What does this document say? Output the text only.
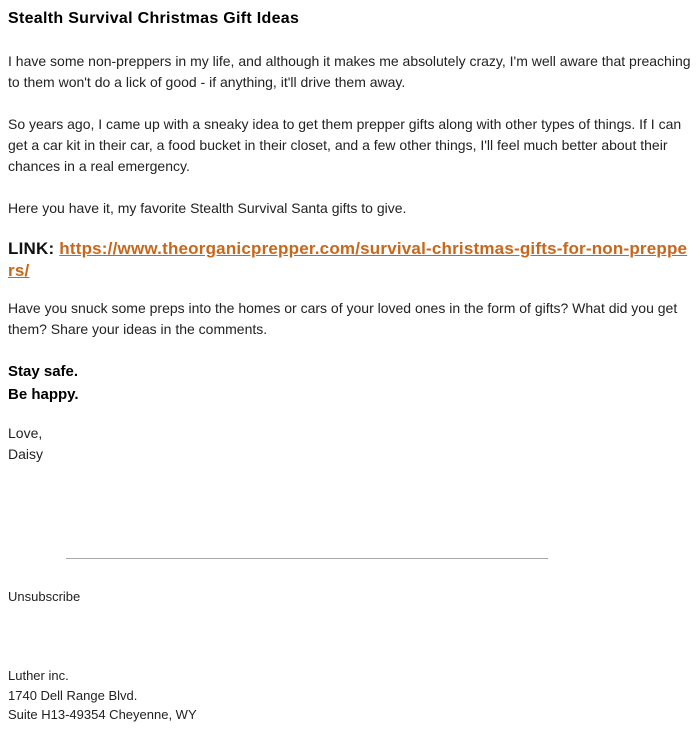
Stealth Survival Christmas Gift Ideas

I have some non-preppers in my life, and although it makes me absolutely crazy, I'm well aware that preaching to them won't do a lick of good - if anything, it'll drive them away.

So years ago, I came up with a sneaky idea to get them prepper gifts along with other types of things. If I can get a car kit in their car, a food bucket in their closet, and a few other things, I'll feel much better about their chances in a real emergency.

Here you have it, my favorite Stealth Survival Santa gifts to give.

LINK: https://www.theorganicprepper.com/survival-christmas-gifts-for-non-preppers/

Have you snuck some preps into the homes or cars of your loved ones in the form of gifts? What did you get them? Share your ideas in the comments.

Stay safe.
Be happy.
Love,
Daisy
Unsubscribe
Luther inc.
1740 Dell Range Blvd.
Suite H13-49354 Cheyenne, WY
